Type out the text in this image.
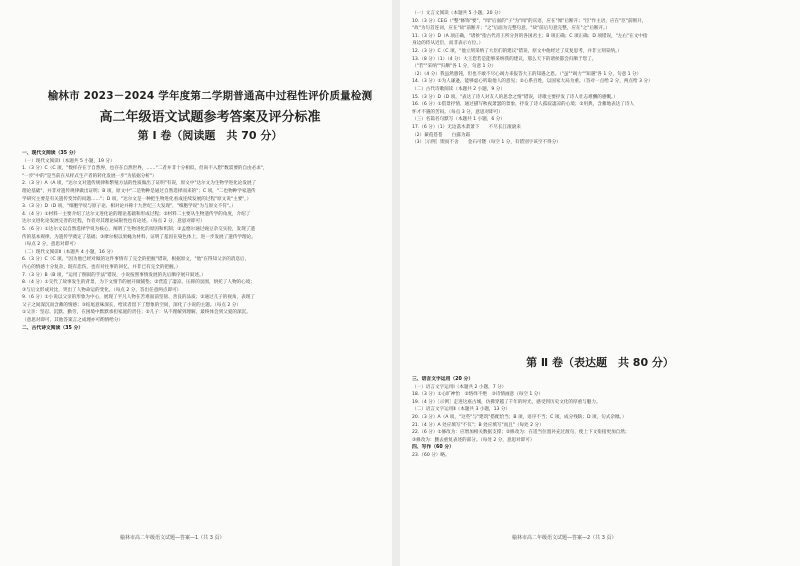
榆林市 2023－2024 学年度第二学期普通高中过程性评价质量检测
高二年级语文试题参考答案及评分标准
第 Ⅰ 卷（阅读题　共 70 分）

一、现代文阅读（35 分）

（一）现代文阅读Ⅰ（本题共 5 小题，19 分）

1.（3 分）C（C 项，"数样存在于自然界，也存在自然世界，……"二者并非十分相似，但尚不入想"数需要的自由必求"，

"一步"中的"是当前在从样式生产者的转化发展一步"为依据分析"）

2.（3 分）A（A 项，"达尔文对遗传规律和繁殖方法的性质做出了证明"有误，原文中"达尔文为生物学进化论发展了

理论基础"，并非对遗传规律做出证明；B 项，原文中"二是物种是通过自然选择而来的"；C 项，"二也物种学家遗传

学研究主要是有关遗传变异的问题……"；D 项，"达尔文是一种把生物进化看成连续发展的过程"原文说"主要"，）

3.（3 分）D（D 项，"细胞学说与原子论、相对论并称十九世纪三大发现"，"细胞学说"为与原文不符"。）

4.（4 分）①材料一主要介绍了达尔文进化论的理论基础和形成过程；②材料二主要从生物遗传学的角度，介绍了

达尔文进化论发展完善的过程，作者对其理论局限性也有论述。（每点 2 分，意思对即可）

5.（6 分）①达尔文以自然选择学说为核心，阐明了生物进化的原因和机制；②孟德尔通过豌豆杂交实验，发现了遗

传的基本规律，为遗传学奠定了基础；③摩尔根以果蝇为材料，证明了基因在染色体上，进一步发展了遗传学理论。

（每点 2 分，意思对即可）

（二）现代文阅读Ⅱ（本题共 4 小题，16 分）

6.（3 分）C（C 项，"因为他已经对做的这件事情有了完全的把握"错误，根据原文，"他"在得知父亲的消息后，

内心的情感十分复杂，既有悲伤，也有对往事的回忆，并非已有完全的把握。）

7.（3 分）B（B 项，"运用了倒叙的手法"错误，小说按照事情发展的先后顺序展开叙述。）

8.（4 分）①交代了故事发生的背景，为下文情节的展开做铺垫；②营造了凄凉、压抑的氛围，烘托了人物的心境；

③与后文形成对比，突出了人物命运的变化。（每点 2 分，答出任意两点即可）

9.（6 分）①小说以父亲的形象为中心，展现了平凡人物在苦难面前坚韧、善良的品质；②通过儿子的视角，表现了

父子之间深沉而含蓄的情感；③结尾意味深长，给读者留下了想象的空间，深化了小说的主题。（每点 2 分）

①父亲：坚忍、沉默、勤劳，在困境中默默承担家庭的责任；②儿子：从不理解到理解，最终体会到父爱的深沉。

（意思对即可，其他答案言之成理亦可酌情给分）

二、古代诗文阅读（35 分）

榆林市高二年级语文试题—答案—1（共 3 页）

（一）文言文阅读（本题共 5 小题，20 分）

10.（3 分）CEG（"整"修饰"要"，"闻"后面的"子"为"闻"的宾语，应在"闻"后断开；"臣"作主语，应在"臣"前断开，

"故"为句首连词，应在"故"前断开；"之"后面为完整句意，"故"前后句意完整，应在"之"后断开。）

11.（3 分）D（A 项正确，"诸侯"指古代帝王所分封的各国君主；B 项正确；C 项正确；D 项错误，"左右"在文中指

身边的侍从近臣，而非表示方位。）

12.（3 分）C（C 项，"他立刻采纳了大臣们的建议"错误，原文中他经过了反复思考，并非立刻采纳。）

13.（8 分）（1）（4 分）大王您若是能够采纳我的建议，那么天下的诸侯都会归顺于您了。

（"若""采纳""归顺"各 1 分，句意 1 分）

（2）（4 分）我虽然愚钝，但也不敢不尽心竭力来报答大王的知遇之恩。（"虽""竭力""知遇"各 1 分，句意 1 分）

14.（3 分）①为人谦逊，能够虚心听取他人的意见；②心系百姓，以国家大局为重。（答对一点给 2 分，两点给 3 分）

（二）古代诗歌阅读（本题共 2 小题，9 分）

15.（3 分）D（D 项，"表达了诗人对友人的思念之情"错误，诗歌主要抒发了诗人壮志难酬的感慨。）

16.（6 分）①借景抒情，通过描写秋夜萧瑟的景象，抒发了诗人孤寂凄凉的心境；②用典，含蓄地表达了诗人

怀才不遇的苦闷。（每点 3 分，意思对即可）

（三）名篇名句默写（本题共 1 小题，6 分）

17.（6 分）（1）无边落木萧萧下　　不尽长江滚滚来

（2）蒹葭苍苍　　白露为霜

（3）［示例］锲而不舍　　金石可镂（每空 1 分，有错别字该空不得分）

第 Ⅱ 卷（表达题　共 80 分）

三、语言文字运用（20 分）

（一）语言文字运用Ⅰ（本题共 2 小题，7 分）

18.（3 分）①心旷神怡　②络绎不绝　③诗情画意（每空 1 分）

19.（4 分）［示例］走进这座古城，仿佛穿越了千年的时光，感受到历史文化的厚重与魅力。

（二）语言文字运用Ⅱ（本题共 3 小题，13 分）

20.（3 分）A（A 项，"这些"与"建筑"搭配恰当；B 项，语序不当；C 项，成分残缺；D 项，句式杂糅。）

21.（4 分）A 处应填写"不仅"；B 处应填写"而且"（每处 2 分）

22.（6 分）①修改为：应增加相关数据支撑；②修改为：在适当位置补充过渡句，使上下文衔接更加自然；

③修改为：删去重复表述的部分。（每处 2 分，意思对即可）

四、写作（60 分）

23.（60 分）略。

榆林市高二年级语文试题—答案—2（共 3 页）
